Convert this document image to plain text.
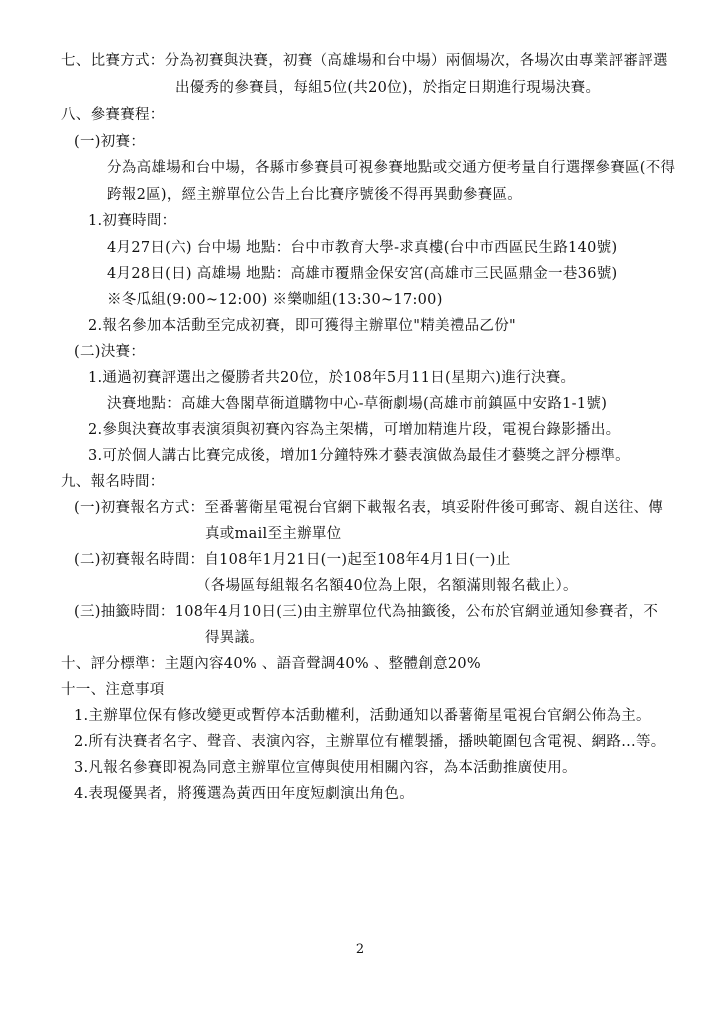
七、比賽方式：分為初賽與決賽，初賽（高雄場和台中場）兩個場次，各場次由專業評審評選
出優秀的參賽員，每組5位(共20位)，於指定日期進行現場決賽。
八、參賽賽程：
(一)初賽：
分為高雄場和台中場，各縣市參賽員可視參賽地點或交通方便考量自行選擇參賽區(不得
跨報2區)，經主辦單位公告上台比賽序號後不得再異動參賽區。
1.初賽時間：
4月27日(六) 台中場 地點：台中市教育大學-求真樓(台中市西區民生路140號)
4月28日(日) 高雄場 地點：高雄市覆鼎金保安宮(高雄市三民區鼎金一巷36號)
※冬瓜組(9:00~12:00) ※樂咖組(13:30~17:00)
2.報名參加本活動至完成初賽，即可獲得主辦單位"精美禮品乙份"
(二)決賽：
1.通過初賽評選出之優勝者共20位，於108年5月11日(星期六)進行決賽。
決賽地點：高雄大魯閣草衙道購物中心-草衙劇場(高雄市前鎮區中安路1-1號)
2.參與決賽故事表演須與初賽內容為主架構，可增加精進片段，電視台錄影播出。
3.可於個人講古比賽完成後，增加1分鐘特殊才藝表演做為最佳才藝獎之評分標準。
九、報名時間：
(一)初賽報名方式：至番薯衛星電視台官網下載報名表，填妥附件後可郵寄、親自送往、傳
真或mail至主辦單位
(二)初賽報名時間：自108年1月21日(一)起至108年4月1日(一)止
（各場區每組報名名額40位為上限，名額滿則報名截止）。
(三)抽籤時間：108年4月10日(三)由主辦單位代為抽籤後，公布於官網並通知參賽者，不
得異議。
十、評分標準：主題內容40% 、語音聲調40% 、整體創意20%
十一、注意事項
1.主辦單位保有修改變更或暫停本活動權利，活動通知以番薯衛星電視台官網公佈為主。
2.所有決賽者名字、聲音、表演內容，主辦單位有權製播，播映範圍包含電視、網路...等。
3.凡報名參賽即視為同意主辦單位宣傳與使用相關內容，為本活動推廣使用。
4.表現優異者，將獲選為黃西田年度短劇演出角色。
2
